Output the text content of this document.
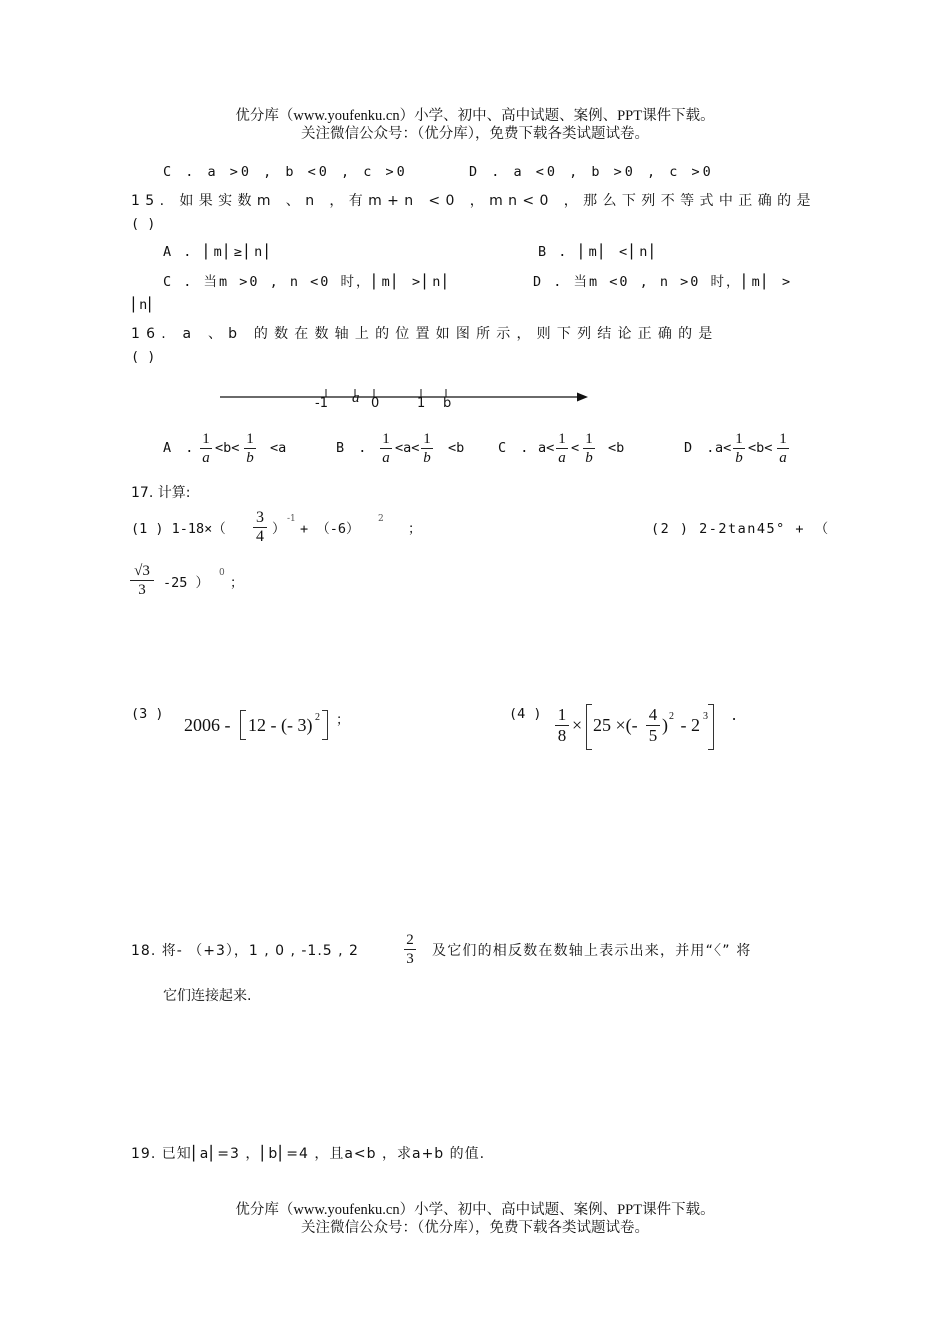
优分库（www.youfenku.cn）小学、初中、高中试题、案例、PPT课件下载。
关注微信公众号：（优分库），免费下载各类试题试卷。
C . a >0 , b <0 , c >0	D . a <0 , b >0 , c >0
15. 如果实数m 、n ，有m+n <0 ，mn<0 ，那么下列不等式中正确的是
( )
A . ⎜m⎜≥⎜n⎜	B . ⎜m⎜ <⎜n⎜
C . 当m >0 , n <0 时，⎜m⎜ >⎜n⎜	D . 当m <0 , n >0 时，⎜m⎜ >
⎜n⎜
16. a 、b 的数在数轴上的位置如图所示，则下列结论正确的是
( )
-1 a 0	1 b
A .
1
a
<b<
1
b
<a	B .
1
a
<a<
1
b
<b C . a<
1
a
<
1
b
<b	D .
a<
1
b
<b<
1
a
17. 计算:
(1 ) 1-18×（
3
4 ）
-1
+ （-6）
2
；	(2 ) 2-2tan45° + （
√3
3	-25 ）
0
；
(3 )
2006 - 12 - (- 3) 2 ；	(4 ) 1
8
× 25 ×(-
4
5
) 2 - 2 3 .
18. 将- （+3），1 , 0 , -1.5 , 2
2
3 及它们的相反数在数轴上表示出来，并用“〈” 将
它们连接起来.
19. 已知⎜a⎜=3 ，⎜b⎜=4 ，且a<b ，求a+b 的值.
优分库（www.youfenku.cn）小学、初中、高中试题、案例、PPT课件下载。
关注微信公众号：（优分库），免费下载各类试题试卷。
